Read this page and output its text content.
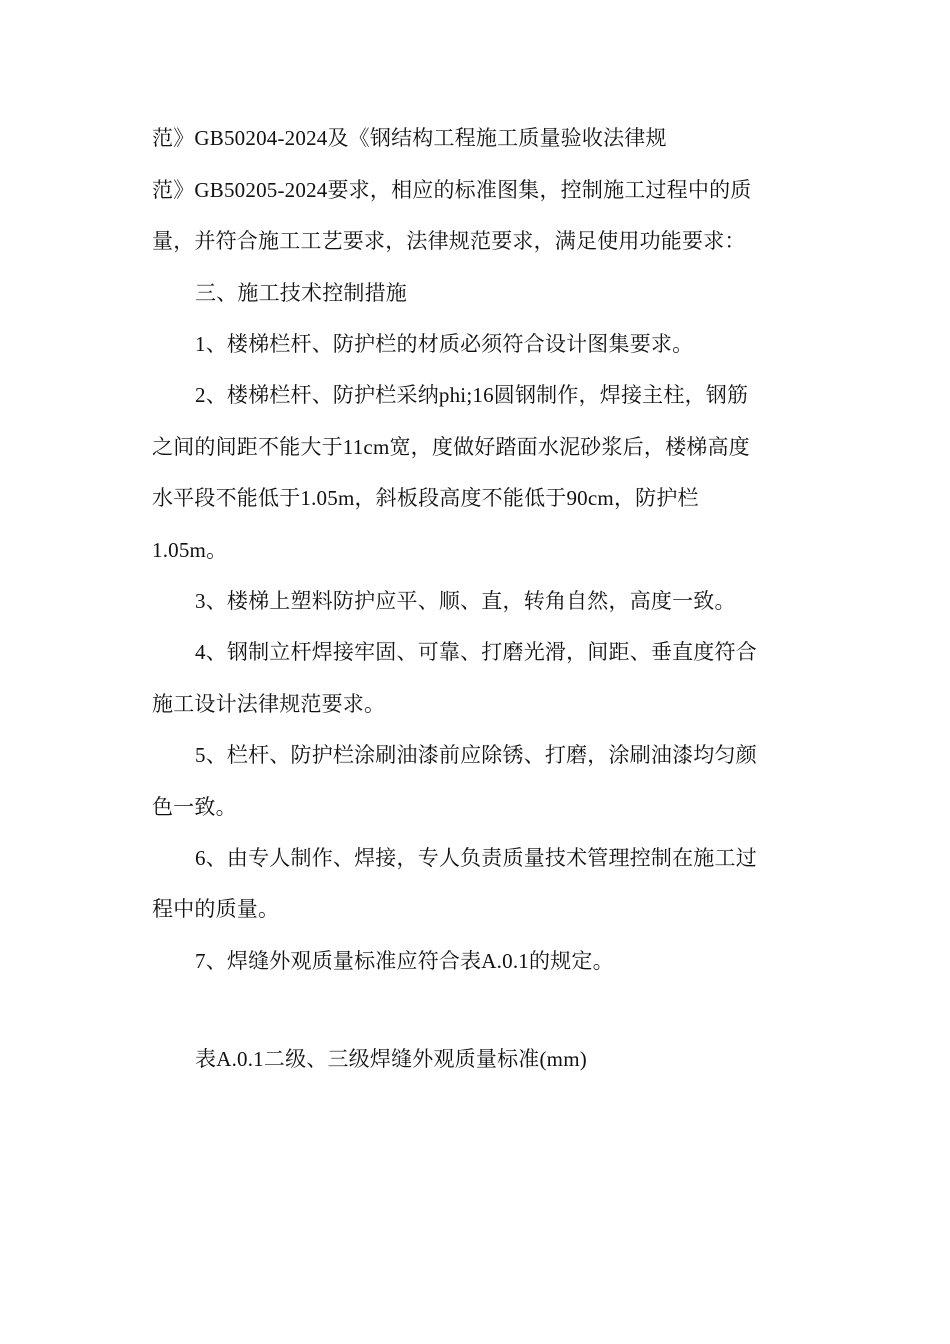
范》GB50204-2024及《钢结构工程施工质量验收法律规
范》GB50205-2024要求，相应的标准图集，控制施工过程中的质
量，并符合施工工艺要求，法律规范要求，满足使用功能要求：
三、施工技术控制措施
1、楼梯栏杆、防护栏的材质必须符合设计图集要求。
2、楼梯栏杆、防护栏采纳phi;16圆钢制作，焊接主柱，钢筋
之间的间距不能大于11cm宽，度做好踏面水泥砂浆后，楼梯高度
水平段不能低于1.05m，斜板段高度不能低于90cm，防护栏
1.05m。
3、楼梯上塑料防护应平、顺、直，转角自然，高度一致。
4、钢制立杆焊接牢固、可靠、打磨光滑，间距、垂直度符合
施工设计法律规范要求。
5、栏杆、防护栏涂刷油漆前应除锈、打磨，涂刷油漆均匀颜
色一致。
6、由专人制作、焊接，专人负责质量技术管理控制在施工过
程中的质量。
7、焊缝外观质量标准应符合表A.0.1的规定。
表A.0.1二级、三级焊缝外观质量标准(mm)
